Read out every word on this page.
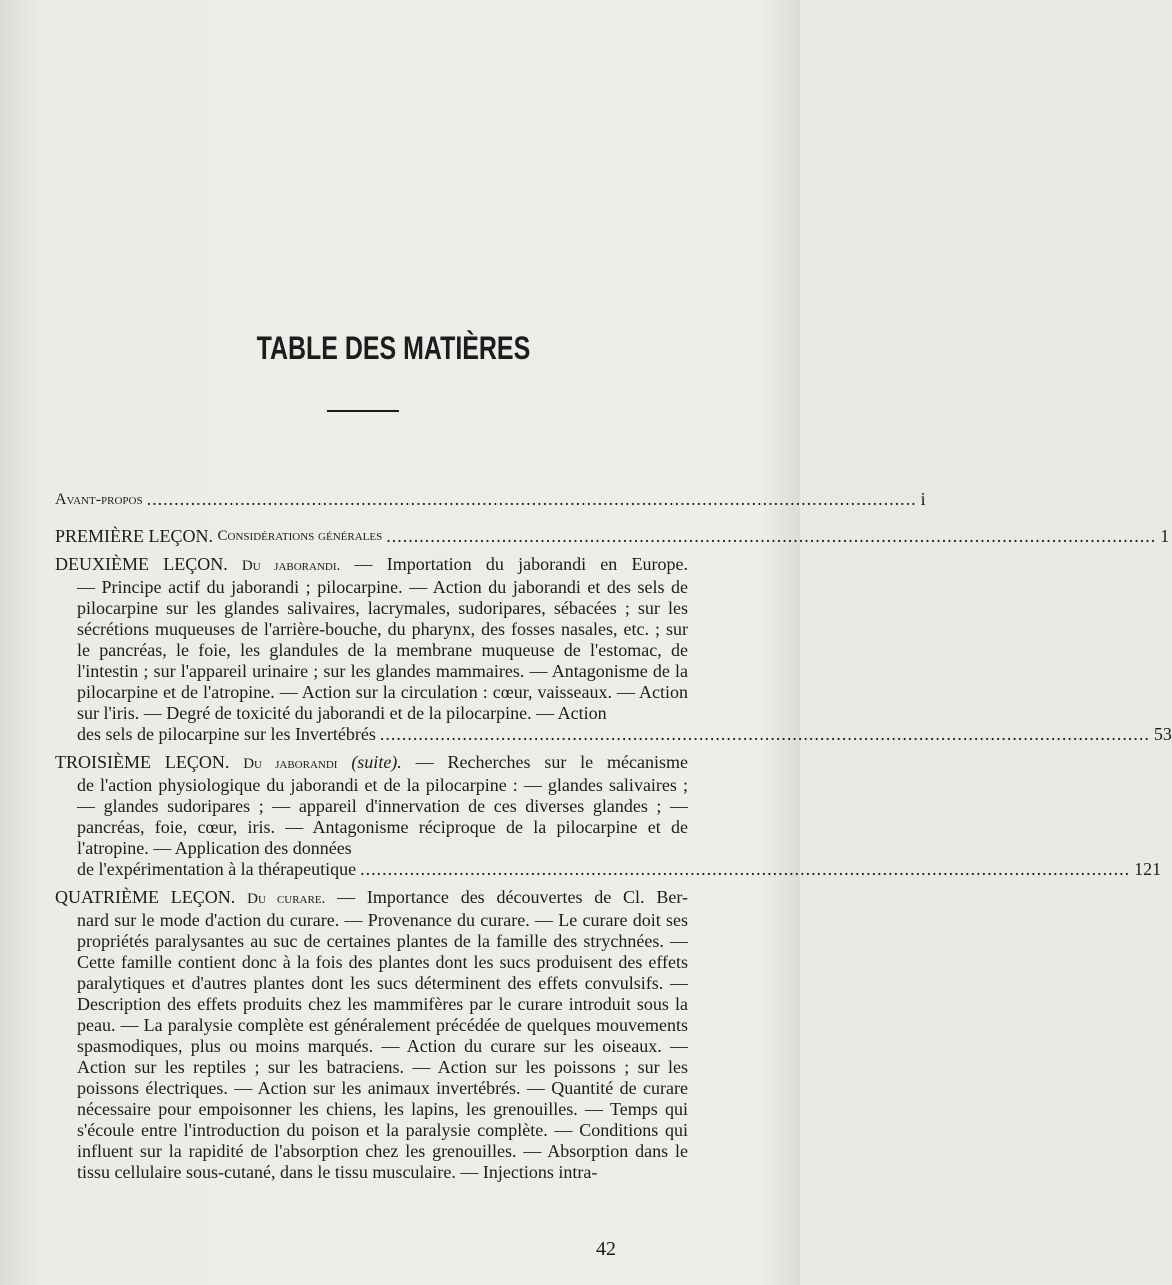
TABLE DES MATIÈRES
Avant-propos ............................................................................................................................................ i
PREMIÈRE LEÇON.
Considérations générales ............................................................................................................................................ 1
DEUXIÈME LEÇON. Du jaborandi. — Importation du jaborandi en Europe.
— Principe actif du jaborandi ; pilocarpine. — Action du jaborandi et des sels de pilocarpine sur les glandes salivaires, lacrymales, sudoripares, sébacées ; sur les sécrétions muqueuses de l'arrière-bouche, du pharynx, des fosses nasales, etc. ; sur le pancréas, le foie, les glandules de la membrane muqueuse de l'estomac, de l'intestin ; sur l'appareil urinaire ; sur les glandes mammaires. — Antagonisme de la pilocarpine et de l'atropine. — Action sur la circulation : cœur, vaisseaux. — Action sur l'iris. — Degré de toxicité du jaborandi et de la pilocarpine. — Action
des sels de pilocarpine sur les Invertébrés ............................................................................................................................................ 53
TROISIÈME LEÇON. Du jaborandi (suite). — Recherches sur le mécanisme
de l'action physiologique du jaborandi et de la pilocarpine : — glandes salivaires ; — glandes sudoripares ; — appareil d'innervation de ces diverses glandes ; — pancréas, foie, cœur, iris. — Antagonisme réciproque de la pilocarpine et de l'atropine. — Application des données
de l'expérimentation à la thérapeutique ............................................................................................................................................ 121
QUATRIÈME LEÇON. Du curare. — Importance des découvertes de Cl. Ber-
nard sur le mode d'action du curare. — Provenance du curare. — Le curare doit ses propriétés paralysantes au suc de certaines plantes de la famille des strychnées. — Cette famille contient donc à la fois des plantes dont les sucs produisent des effets paralytiques et d'autres plantes dont les sucs déterminent des effets convulsifs. — Description des effets produits chez les mammifères par le curare introduit sous la peau. — La paralysie complète est généralement précédée de quelques mouvements spasmodiques, plus ou moins marqués. — Action du curare sur les oiseaux. — Action sur les reptiles ; sur les batraciens. — Action sur les poissons ; sur les poissons électriques. — Action sur les animaux invertébrés. — Quantité de curare nécessaire pour empoisonner les chiens, les lapins, les grenouilles. — Temps qui s'écoule entre l'introduction du poison et la paralysie complète. — Conditions qui influent sur la rapidité de l'absorption chez les grenouilles. — Absorption dans le tissu cellulaire sous-cutané, dans le tissu musculaire. — Injections intra-
42
